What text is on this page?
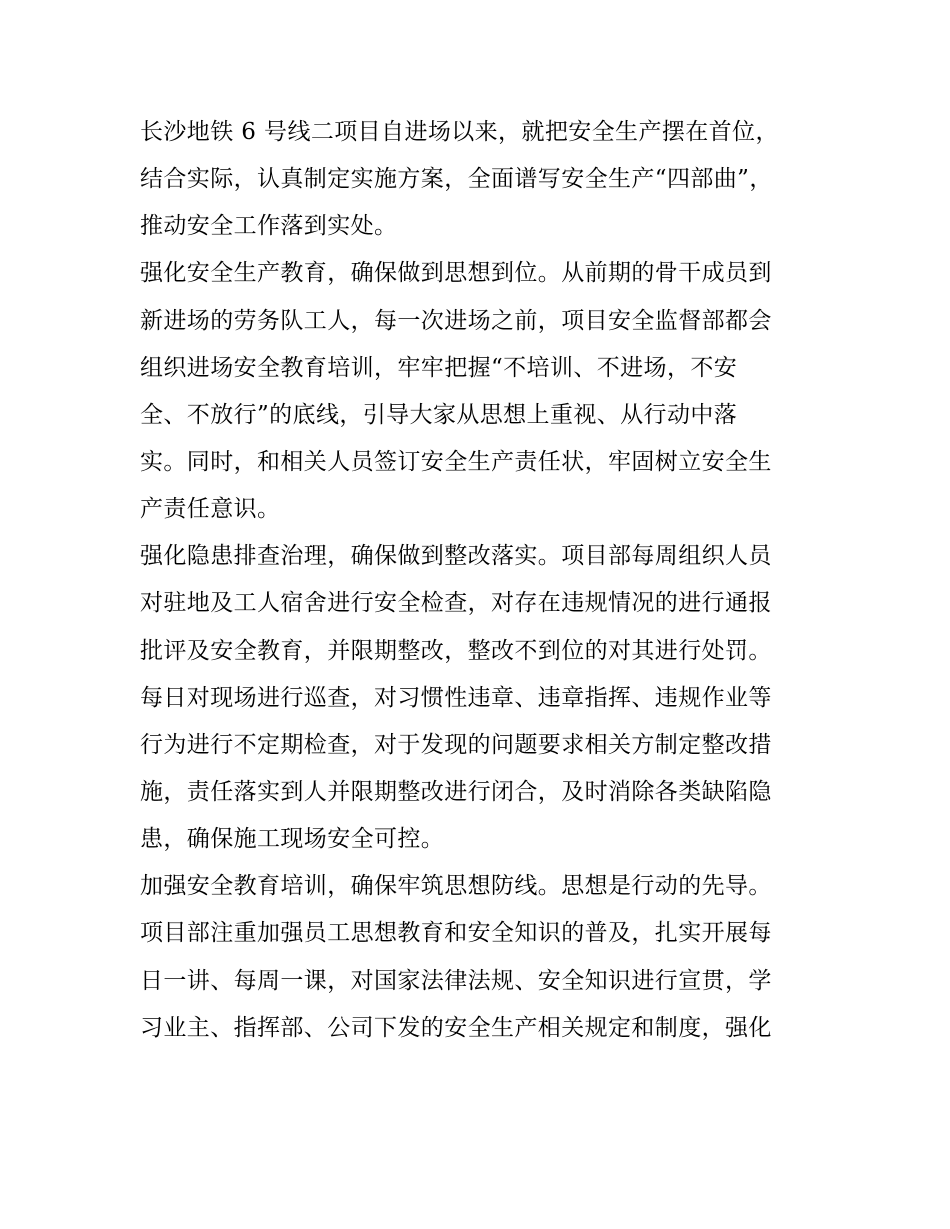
长沙地铁 6 号线二项目自进场以来，就把安全生产摆在首位，
结合实际，认真制定实施方案，全面谱写安全生产“四部曲”，
推动安全工作落到实处。
强化安全生产教育，确保做到思想到位。从前期的骨干成员到
新进场的劳务队工人，每一次进场之前，项目安全监督部都会
组织进场安全教育培训，牢牢把握“不培训、不进场，不安
全、不放行”的底线，引导大家从思想上重视、从行动中落
实。同时，和相关人员签订安全生产责任状，牢固树立安全生
产责任意识。
强化隐患排查治理，确保做到整改落实。项目部每周组织人员
对驻地及工人宿舍进行安全检查，对存在违规情况的进行通报
批评及安全教育，并限期整改，整改不到位的对其进行处罚。
每日对现场进行巡查，对习惯性违章、违章指挥、违规作业等
行为进行不定期检查，对于发现的问题要求相关方制定整改措
施，责任落实到人并限期整改进行闭合，及时消除各类缺陷隐
患，确保施工现场安全可控。
加强安全教育培训，确保牢筑思想防线。思想是行动的先导。
项目部注重加强员工思想教育和安全知识的普及，扎实开展每
日一讲、每周一课，对国家法律法规、安全知识进行宣贯，学
习业主、指挥部、公司下发的安全生产相关规定和制度，强化
